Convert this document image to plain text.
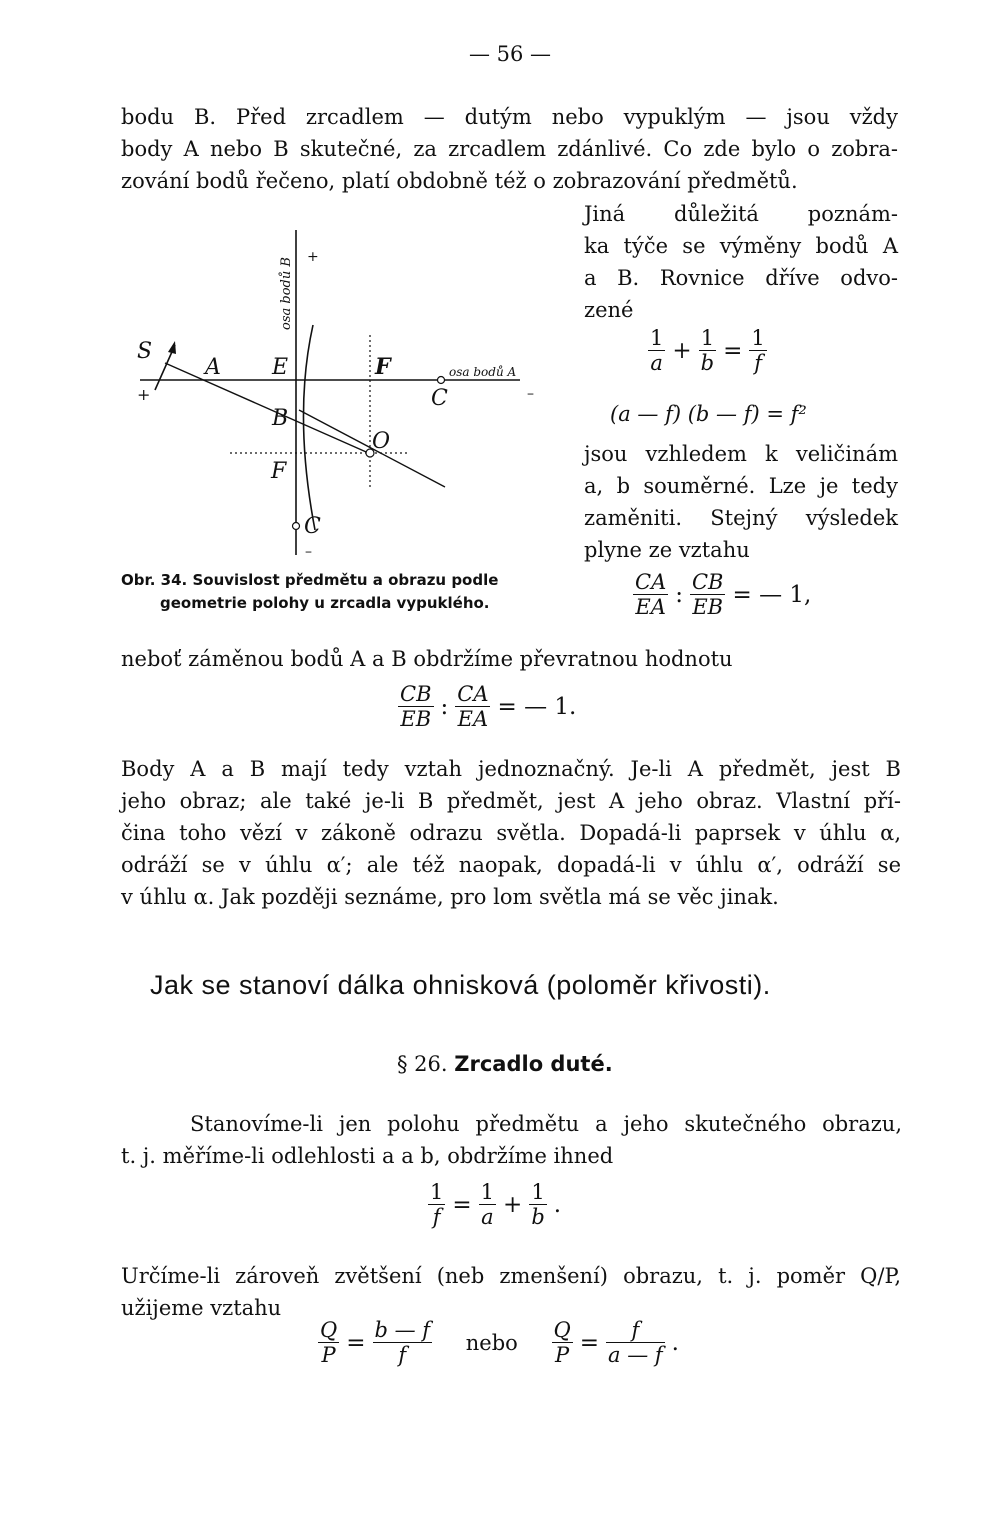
— 56 —
bodu B. Před zrcadlem — dutým nebo vypuklým — jsou vždy
body A nebo B skutečné, za zrcadlem zdánlivé. Co zde bylo o zobra-
zování bodů řečeno, platí obdobně též o zobrazování předmětů.
osa bodů B
+
S
A E	F	osa bodů A
+	C	–
B
O
F
C
–
Obr. 34. Souvislost předmětu a obrazu podle
geometrie polohy u zrcadla vypuklého.
Jiná důležitá poznám-
ka týče se výměny bodů A
a B. Rovnice dříve odvo-
zené
$\frac{1}{a} + \frac{1}{b} = \frac{1}{f}$
(a — f) (b — f) = f²
jsou vzhledem k veličinám
a, b souměrné. Lze je tedy
zaměniti. Stejný výsledek
plyne ze vztahu
$\frac{CA}{EA}$ : $\frac{CB}{EB}$ = — 1,
neboť záměnou bodů A a B obdržíme převratnou hodnotu
$\frac{CB}{EB}$ : $\frac{CA}{EA}$ = — 1.
Body A a B mají tedy vztah jednoznačný. Je-li A předmět, jest B
jeho obraz; ale také je-li B předmět, jest A jeho obraz. Vlastní pří-
čina toho vězí v zákoně odrazu světla. Dopadá-li paprsek v úhlu α,
odráží se v úhlu α′; ale též naopak, dopadá-li v úhlu α′, odráží se
v úhlu α. Jak později seznáme, pro lom světla má se věc jinak.
Jak se stanoví dálka ohnisková (poloměr křivosti).
§ 26. Zrcadlo duté.
Stanovíme-li jen polohu předmětu a jeho skutečného obrazu,
t. j. měříme-li odlehlosti a a b, obdržíme ihned
$\frac{1}{f} = \frac{1}{a} + \frac{1}{b}$ .
Určíme-li zároveň zvětšení (neb zmenšení) obrazu, t. j. poměr Q/P,
užijeme vztahu
$\frac{Q}{P} = \frac{b — f}{f}$ nebo $\frac{Q}{P} = \frac{f}{a — f}$ .
